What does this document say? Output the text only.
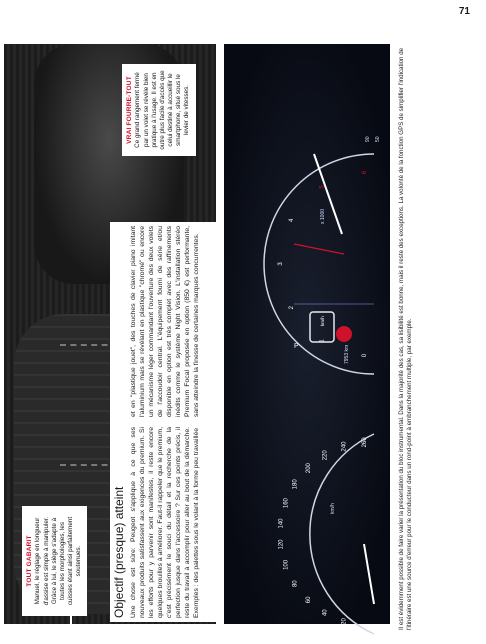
71
0
20
40
60
80
100
120
140
160
180
200
220
240 260
0
1
2
3
4
5
6
P	7953 km
x 1000
km/h
km/h
90 50
TOUT GABARIT Manuel, le réglage en longueur d'assise est simple à manipuler. Grâce à lui, le siège s'adapte à toutes les morphologies, les cuisses étant ainsi parfaitement soutenues. Objectif (presque) atteint Une chose est sûre: Peugeot s'applique à ce que ses nouveaux produits satisfassent aux exigences du premium. Si les efforts pour y parvenir sont manifestes, il reste encore quelques brouilles à améliorer. Faut-il rappeler que le premium, c'est précisément le souci du détail et la recherche de la perfection jusque dans l'accessoire ? Sur ces points précis, il reste du travail à accomplir pour aller au bout de la démarche. Exemples : des palettes sous le volant à la forme peu travaillée

et en "plastique jouet", des touches de clavier piano imitant l'aluminium mais se révélant en plastique "chromé" ou encore un mécanisme léger commandant l'ouverture des deux volets de l'accoudoir central. L'équipement fourni de série et/ou disponible en option est très complet avec des raffinements inédits comme le système Night Vision. L'installation stéréo Premium Focal proposée en option (850 €) est performante, sans atteindre la finesse de certaines marques concurrentes.

VRAI FOURRE-TOUT Ce grand rangement fermé par un volet se révèle bien pratique à l'usage. Il est en outre plus facile d'accès que celui destiné à accueillir le smartphone, situé sous le levier de vitesses.	Il est évidemment possible de faire varier la présentation du bloc instrumental. Dans la majorité des cas, sa lisibilité est bonne, mais il reste des exceptions. La volonté de la fonction GPS de simplifier l'indication de l'itinéraire est une source d'erreur pour le conducteur dans un rond-point à embranchement multiple, par exemple.
